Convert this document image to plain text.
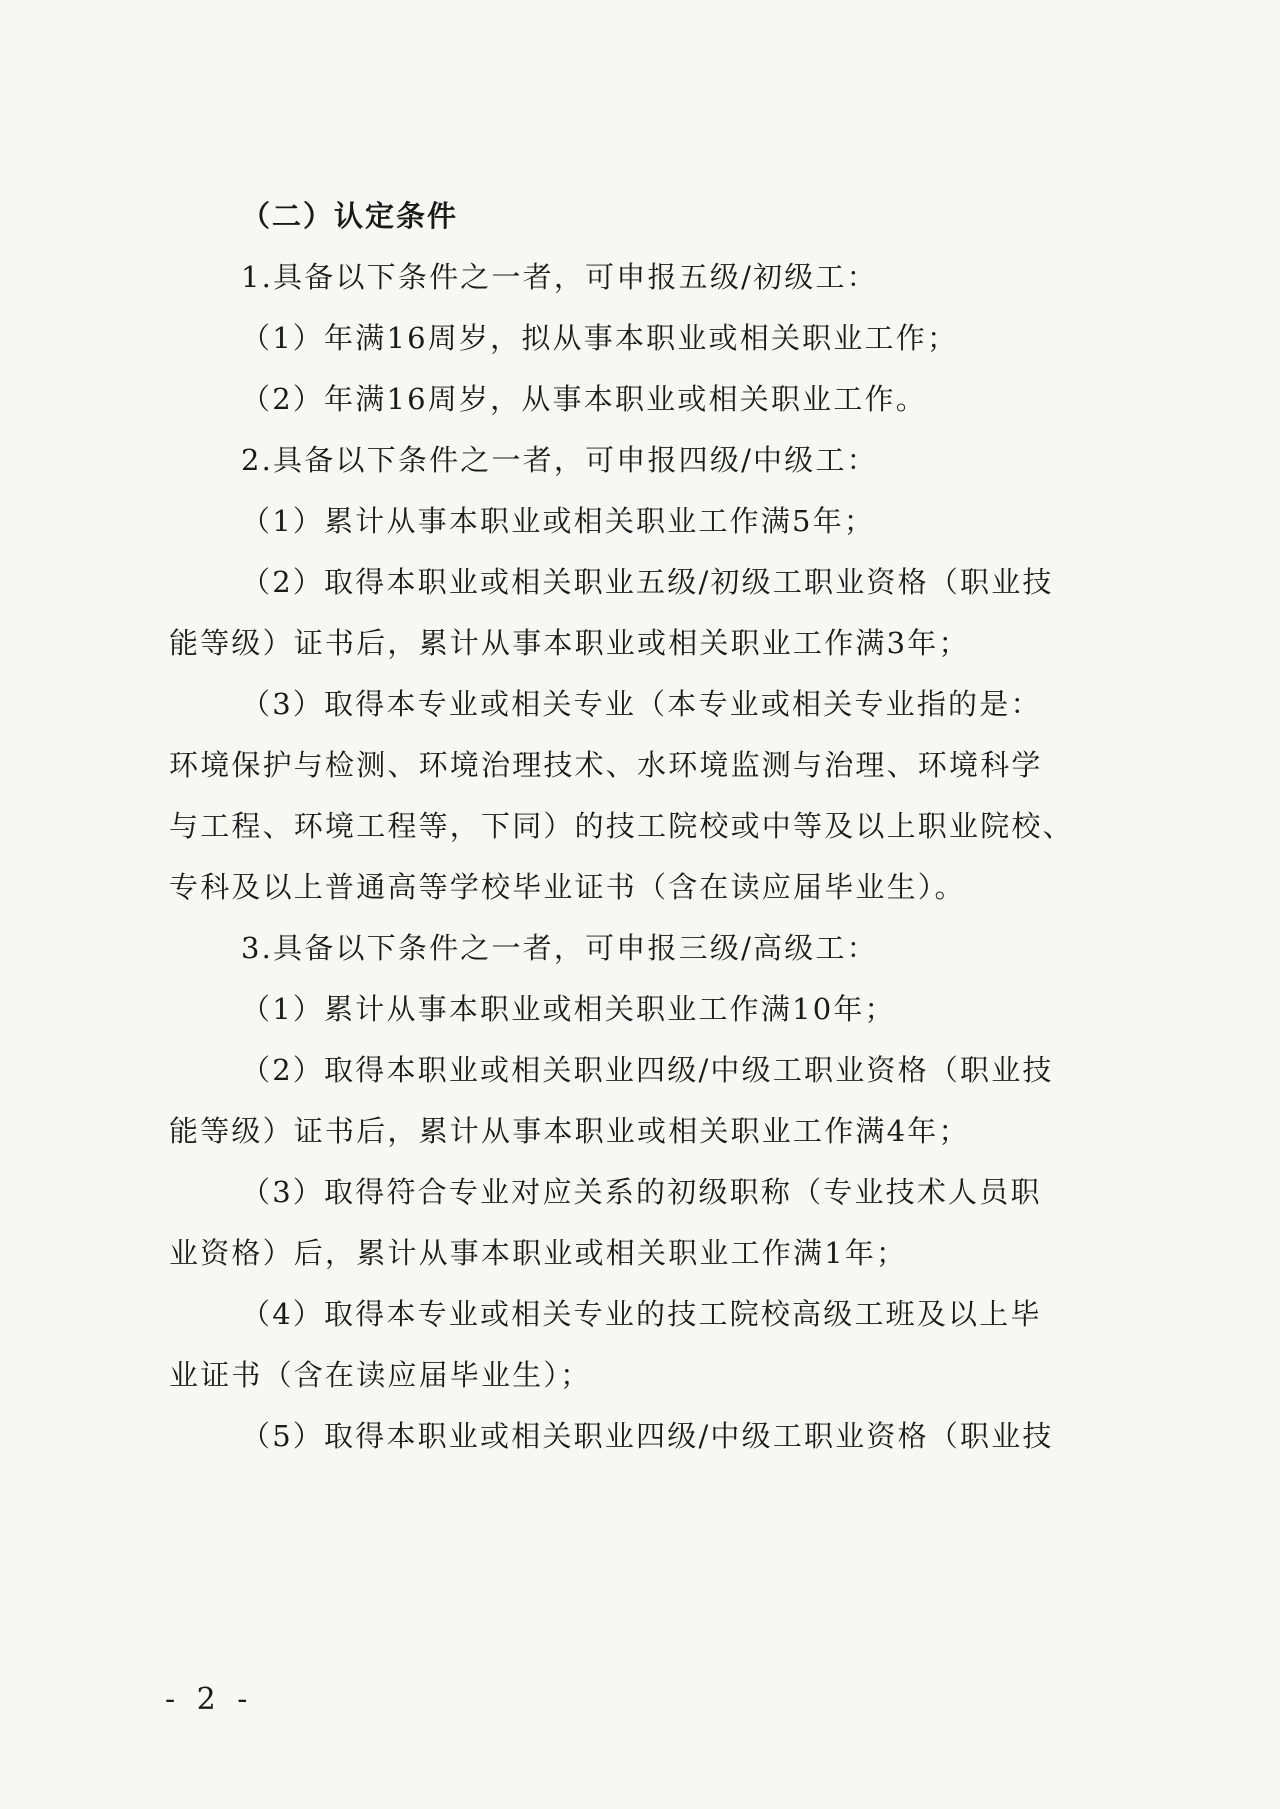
（二）认定条件
1.具备以下条件之一者，可申报五级/初级工：
（1）年满16周岁，拟从事本职业或相关职业工作；
（2）年满16周岁，从事本职业或相关职业工作。
2.具备以下条件之一者，可申报四级/中级工：
（1）累计从事本职业或相关职业工作满5年；
（2）取得本职业或相关职业五级/初级工职业资格（职业技
能等级）证书后，累计从事本职业或相关职业工作满3年；
（3）取得本专业或相关专业（本专业或相关专业指的是：
环境保护与检测、环境治理技术、水环境监测与治理、环境科学
与工程、环境工程等，下同）的技工院校或中等及以上职业院校、
专科及以上普通高等学校毕业证书（含在读应届毕业生）。
3.具备以下条件之一者，可申报三级/高级工：
（1）累计从事本职业或相关职业工作满10年；
（2）取得本职业或相关职业四级/中级工职业资格（职业技
能等级）证书后，累计从事本职业或相关职业工作满4年；
（3）取得符合专业对应关系的初级职称（专业技术人员职
业资格）后，累计从事本职业或相关职业工作满1年；
（4）取得本专业或相关专业的技工院校高级工班及以上毕
业证书（含在读应届毕业生）；
（5）取得本职业或相关职业四级/中级工职业资格（职业技
- 2 -
